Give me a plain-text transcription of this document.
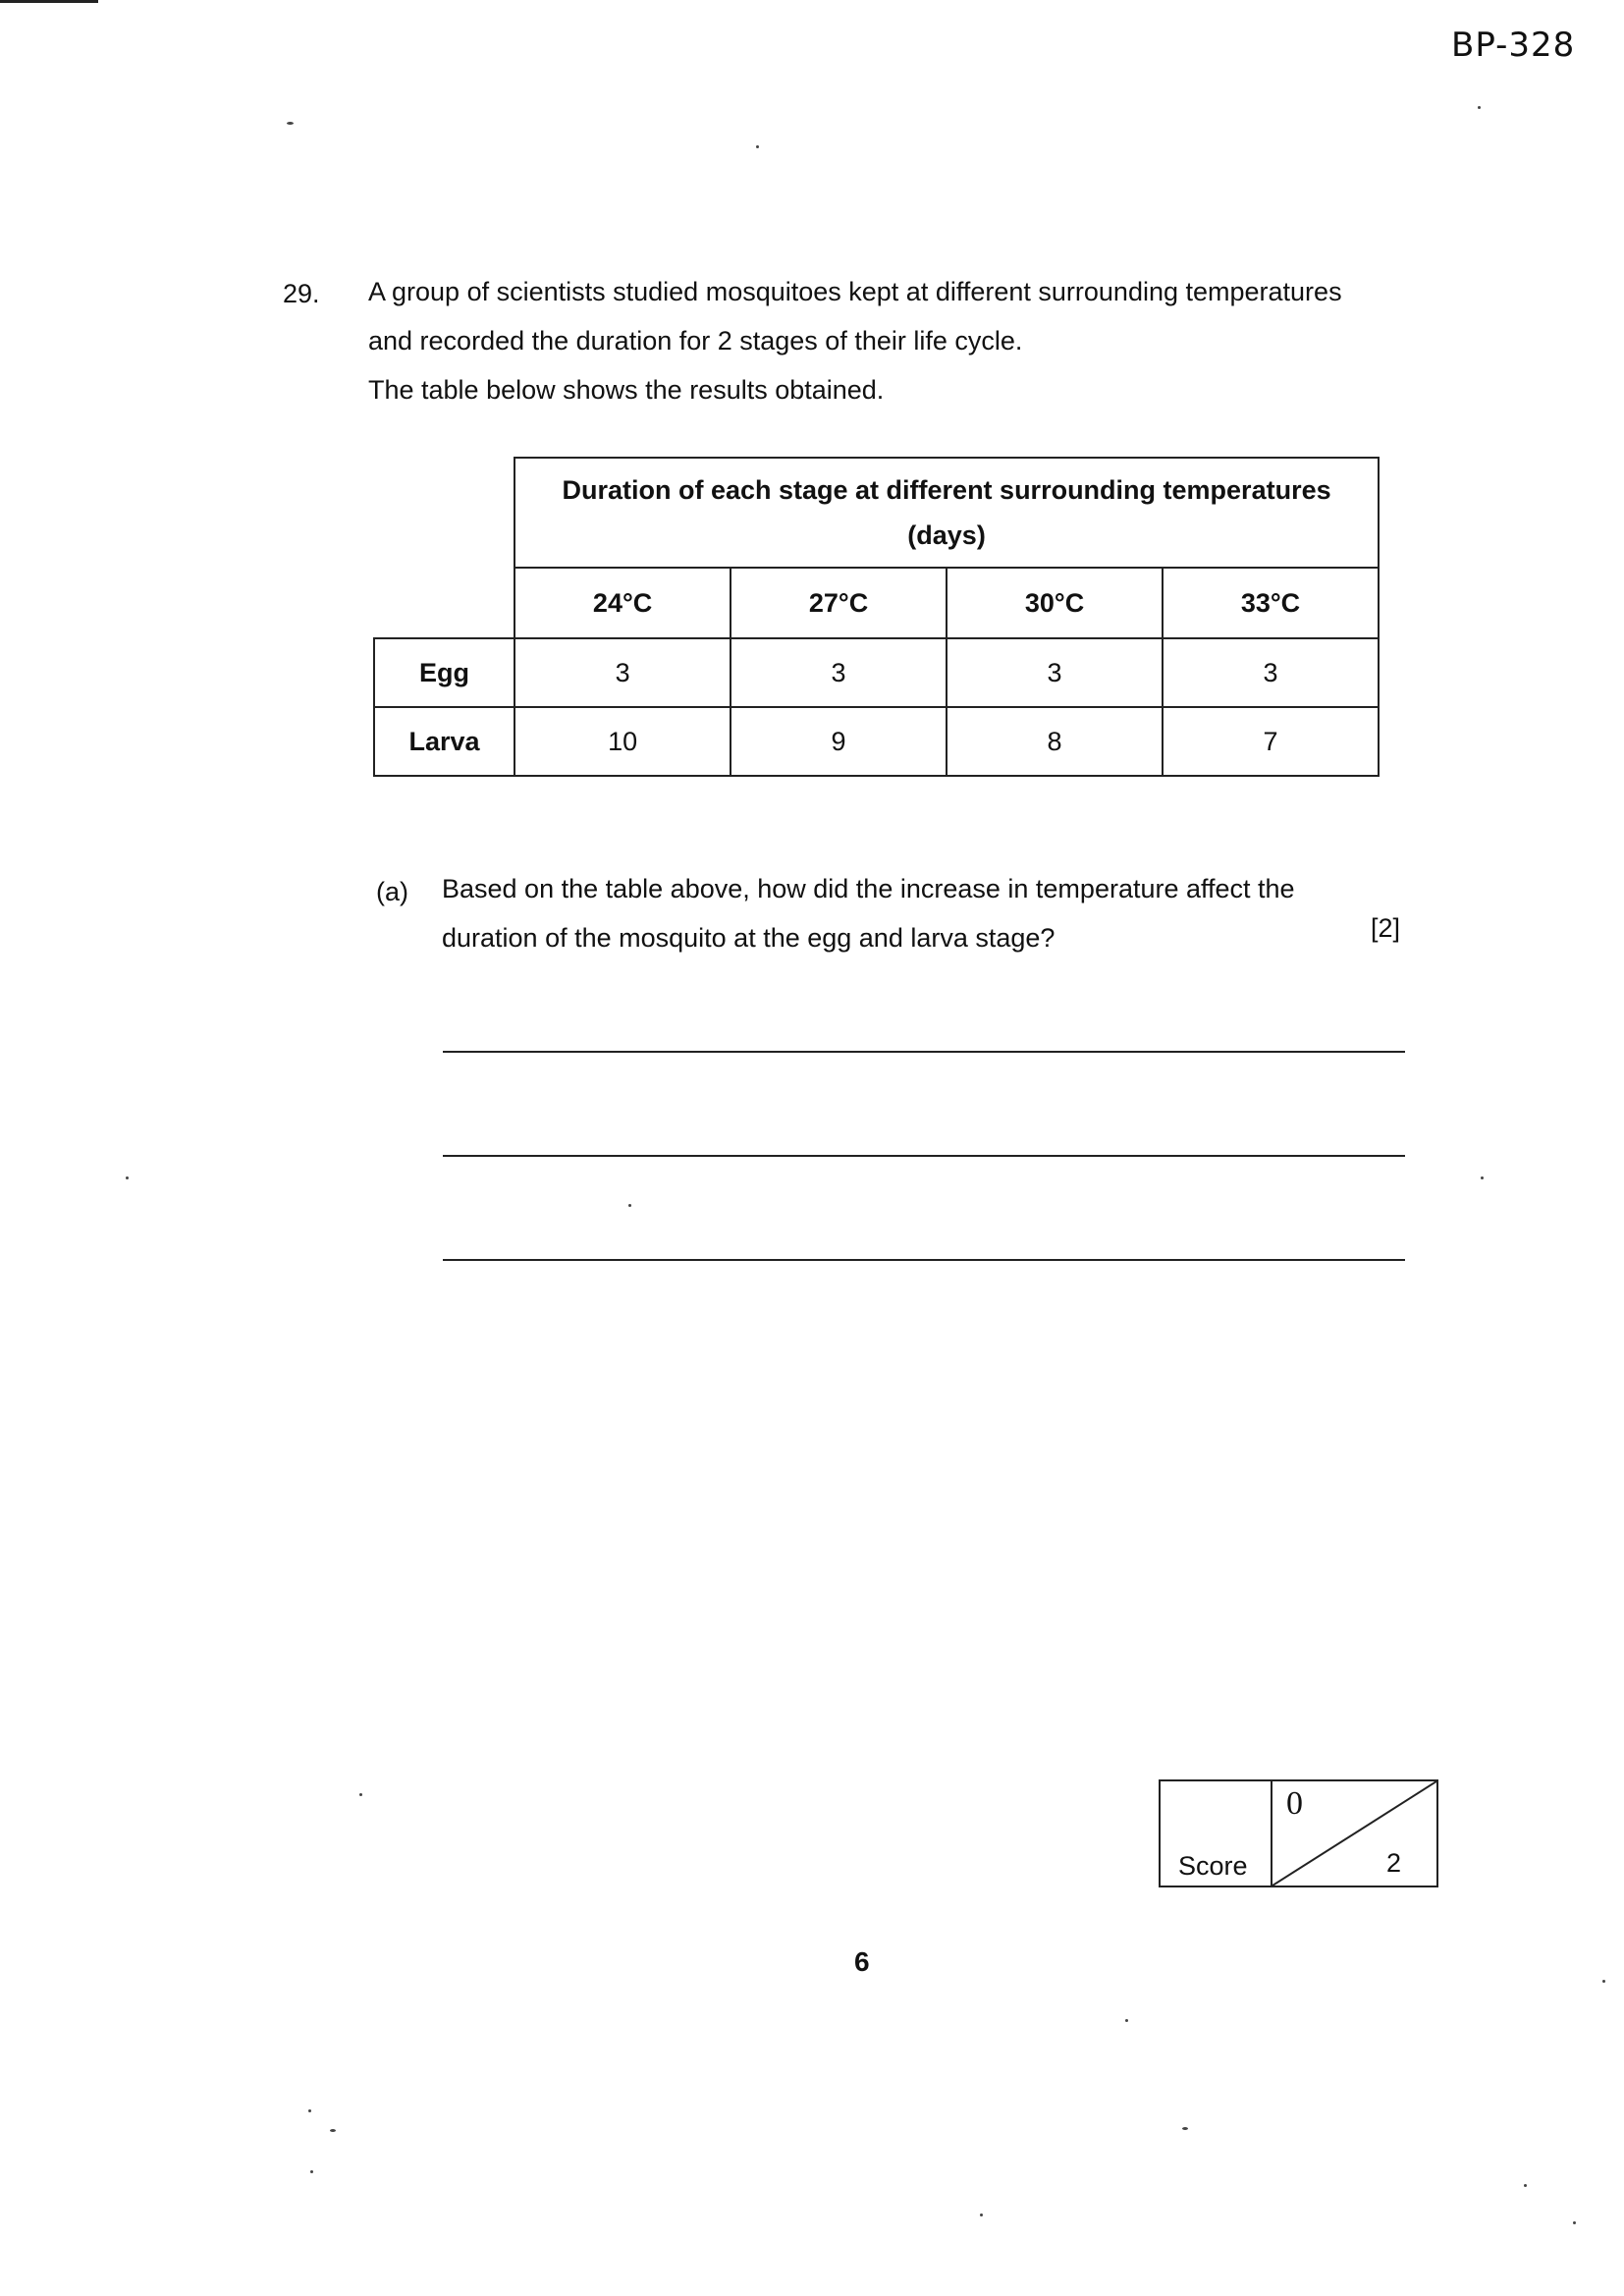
BP-328
29. A group of scientists studied mosquitoes kept at different surrounding temperatures

and recorded the duration for 2 stages of their life cycle.

The table below shows the results obtained.

	Duration of each stage at different surrounding temperatures
(days)			

	24°C	27°C	30°C	33°C
Egg	3	3	3	3
Larva	10	9	8	7
(a) Based on the table above, how did the increase in temperature affect the

duration of the mosquito at the egg and larva stage?	[2]
Score
0
2
6
